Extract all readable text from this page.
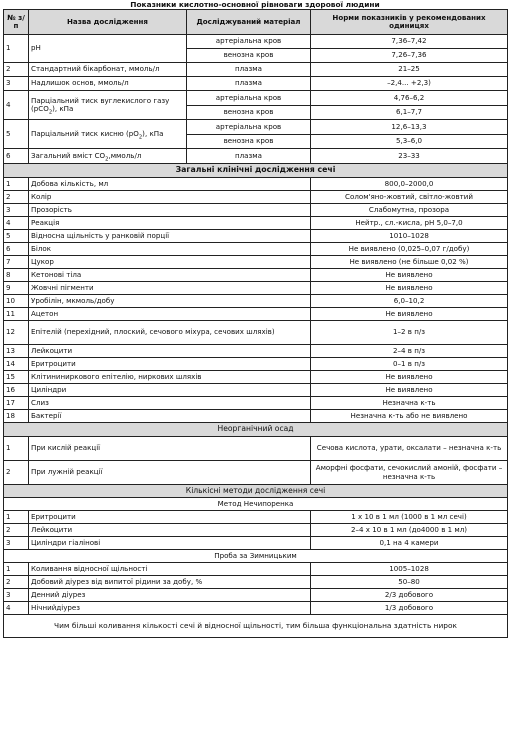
Показники кислотно-основної рівноваги здорової людини
№ з/п	Назва дослідження	Досліджуваний матеріал	Норми показників у рекомендованих одиницях
1	pH	артеріальна кров	7,36–7,42
		венозна кров	7,26–7,36
2	Стандартний бікарбонат, ммоль/л	плазма	21–25
3	Надлишок основ, ммоль/л	плазма	–2,4... +2,3)
4	Парціальний тиск вуглекислого газу (pCO$_2$), кПа	артеріальна кров	4,76–6,2
		венозна кров	6,1–7,7
5	Парціальний тиск кисню $(pO_2)$, кПа	артеріальна кров	12,6–13,3
		венозна кров	5,3–6,0
6	Загальний вміст $CO_2,ммоль/л$	плазма	23–33
Загальні клінічні дослідження сечі		
1	Добова кількість, мл	800,0–2000,0
2	Колір	Солом'яно-жовтий, світло-жовтий
3	Прозорість	Слабомутна, прозора
4	Реакція	Нейтр., сл.-кисла, pH 5,0–7,0
5	Відносна щільність у ранковій порції	1010–1028
6	Білок	Не виявлено (0,025–0,07 г/добу)
7	Цукор	Не виявлено (не більше 0,02 %)
8	Кетонові тіла	Не виявлено
9	Жовчні пігменти	Не виявлено
10	Уробілін, мкмоль/добу	6,0–10,2
11	Ацетон	Не виявлено
12	Епітелій (перехідний, плоский, сечового міхура, сечових шляхів)	1–2 в п/з
13	Лейкоцити	2–4 в п/з
14	Еритроцити	0–1 в п/з
15	Клітининиркового епітелію, ниркових шляхів	Не виявлено
16	Циліндри	Не виявлено
17	Слиз	Незначна к-ть
18	Бактерії	Незначна к-ть або не виявлено
Неорганічний осад		
1	При кислій реакції	Сечова кислота, урати, оксалати – незначна к-ть
2	При лужній реакції	Аморфні фосфати, сечокислий амоній, фосфати – незначна к-ть
Кількісні методи дослідження сечі		
Метод Нечипоренка		
1	Еритроцити	1 х 10 в 1 мл (1000 в 1 мл сечі)
2	Лейкоцити	2–4 х 10 в 1 мл (до4000 в 1 мл)
3	Циліндри гіалінові	0,1 на 4 камери
Проба за Зимницьким		
1	Коливання відносної щільності	1005–1028
2	Добовий діурез від випитої рідини за добу, %	50–80
3	Денний діурез	2/3 добового
4	Нічнийдіурез	1/3 добового
Чим більші коливання кількості сечі й відносної щільності, тим більша функціональна здатність нирок		
